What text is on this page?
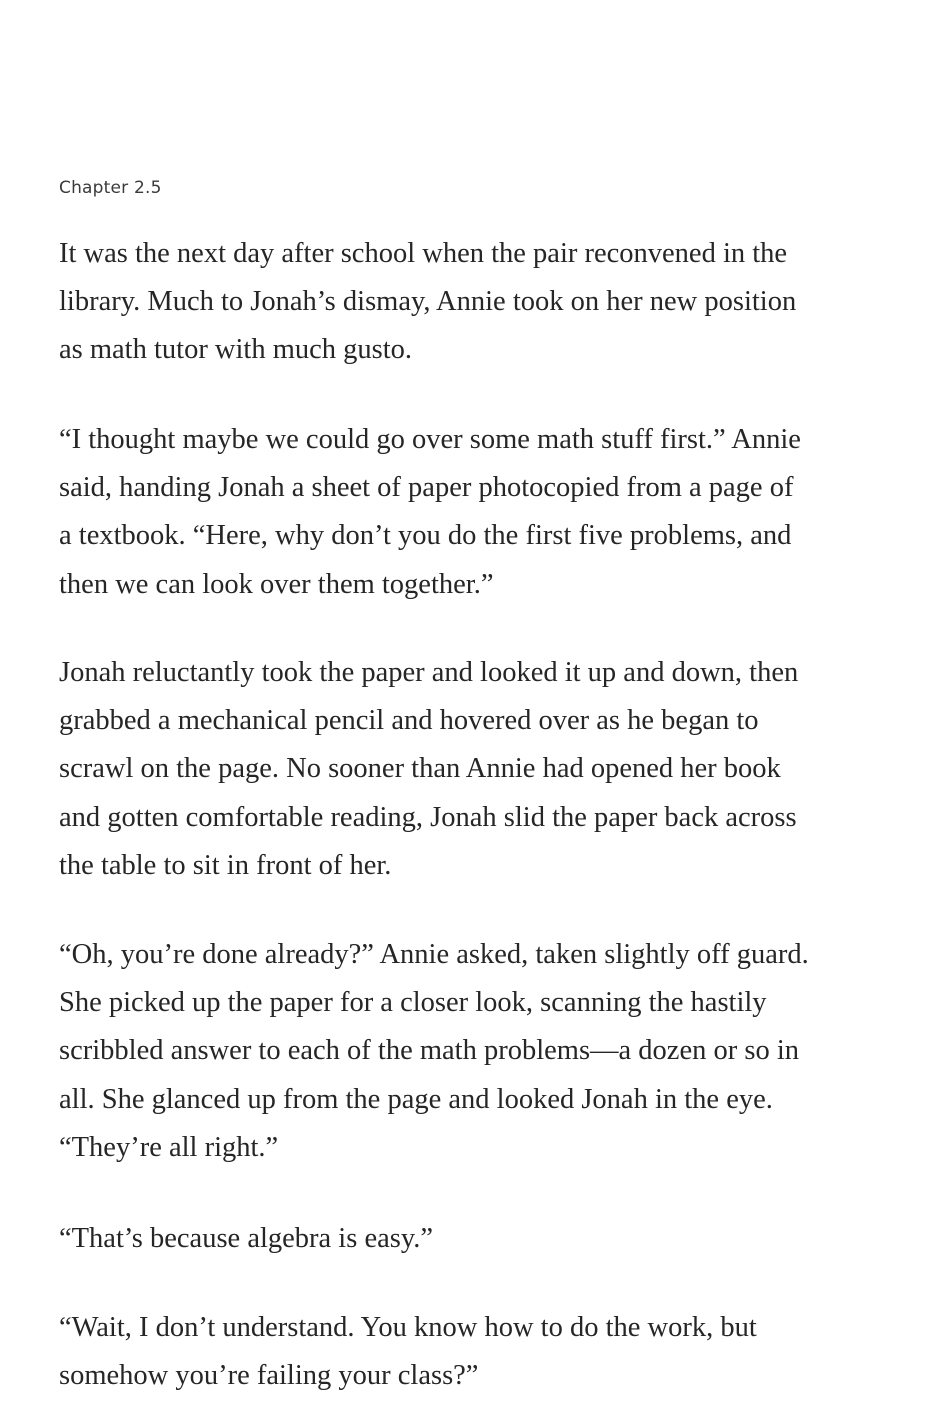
Chapter 2.5
It was the next day after school when the pair reconvened in the
library. Much to Jonah’s dismay, Annie took on her new position
as math tutor with much gusto.
“I thought maybe we could go over some math stuff first.” Annie
said, handing Jonah a sheet of paper photocopied from a page of
a textbook. “Here, why don’t you do the first five problems, and
then we can look over them together.”
Jonah reluctantly took the paper and looked it up and down, then
grabbed a mechanical pencil and hovered over as he began to
scrawl on the page. No sooner than Annie had opened her book
and gotten comfortable reading, Jonah slid the paper back across
the table to sit in front of her.
“Oh, you’re done already?” Annie asked, taken slightly off guard.
She picked up the paper for a closer look, scanning the hastily
scribbled answer to each of the math problems—a dozen or so in
all. She glanced up from the page and looked Jonah in the eye.
“They’re all right.”
“That’s because algebra is easy.”
“Wait, I don’t understand. You know how to do the work, but
somehow you’re failing your class?”
